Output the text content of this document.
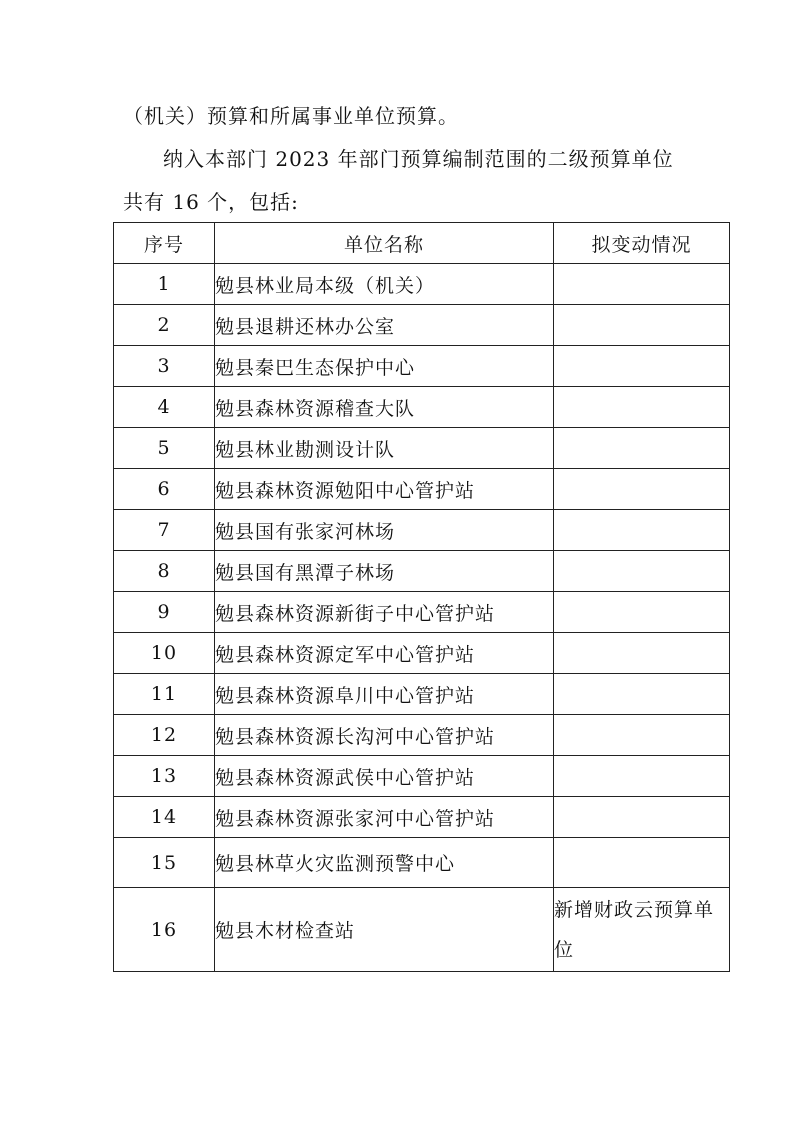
（机关）预算和所属事业单位预算。
纳入本部门 2023 年部门预算编制范围的二级预算单位
共有 16 个，包括:
序号	单位名称	拟变动情况
1	勉县林业局本级（机关）	
2	勉县退耕还林办公室	
3	勉县秦巴生态保护中心	
4	勉县森林资源稽查大队	
5	勉县林业勘测设计队	
6	勉县森林资源勉阳中心管护站	
7	勉县国有张家河林场	
8	勉县国有黑潭子林场	
9	勉县森林资源新街子中心管护站	
10	勉县森林资源定军中心管护站	
11	勉县森林资源阜川中心管护站	
12	勉县森林资源长沟河中心管护站	
13	勉县森林资源武侯中心管护站	
14	勉县森林资源张家河中心管护站	
15	勉县林草火灾监测预警中心	
16	勉县木材检查站	新增财政云预算单位
